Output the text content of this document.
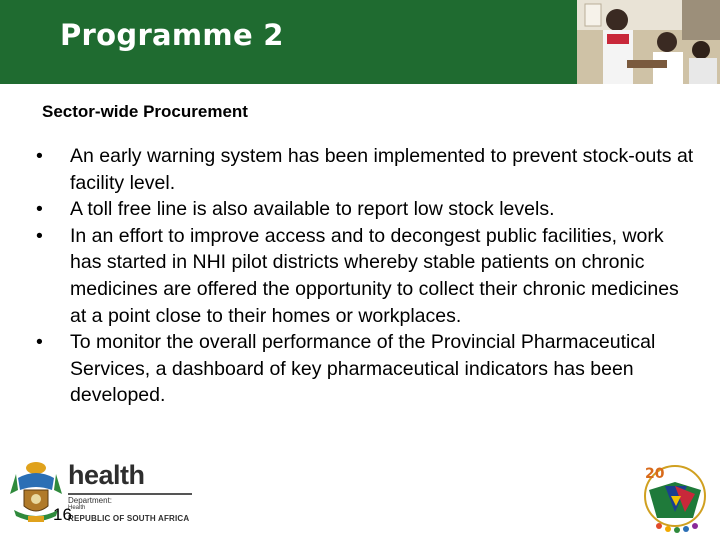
Programme 2
Sector-wide Procurement
• An early warning system has been implemented to prevent stock-outs at facility level.
• A toll free line is also available to report low stock levels.
• In an effort to improve access and to decongest public facilities, work has started in NHI pilot districts whereby stable patients on chronic medicines are offered the opportunity to collect their chronic medicines at a point close to their homes or workplaces.
• To monitor the overall performance of the Provincial Pharmaceutical Services, a dashboard of key pharmaceutical indicators has been developed.
health
Department:
Health
REPUBLIC OF SOUTH AFRICA
16
20
